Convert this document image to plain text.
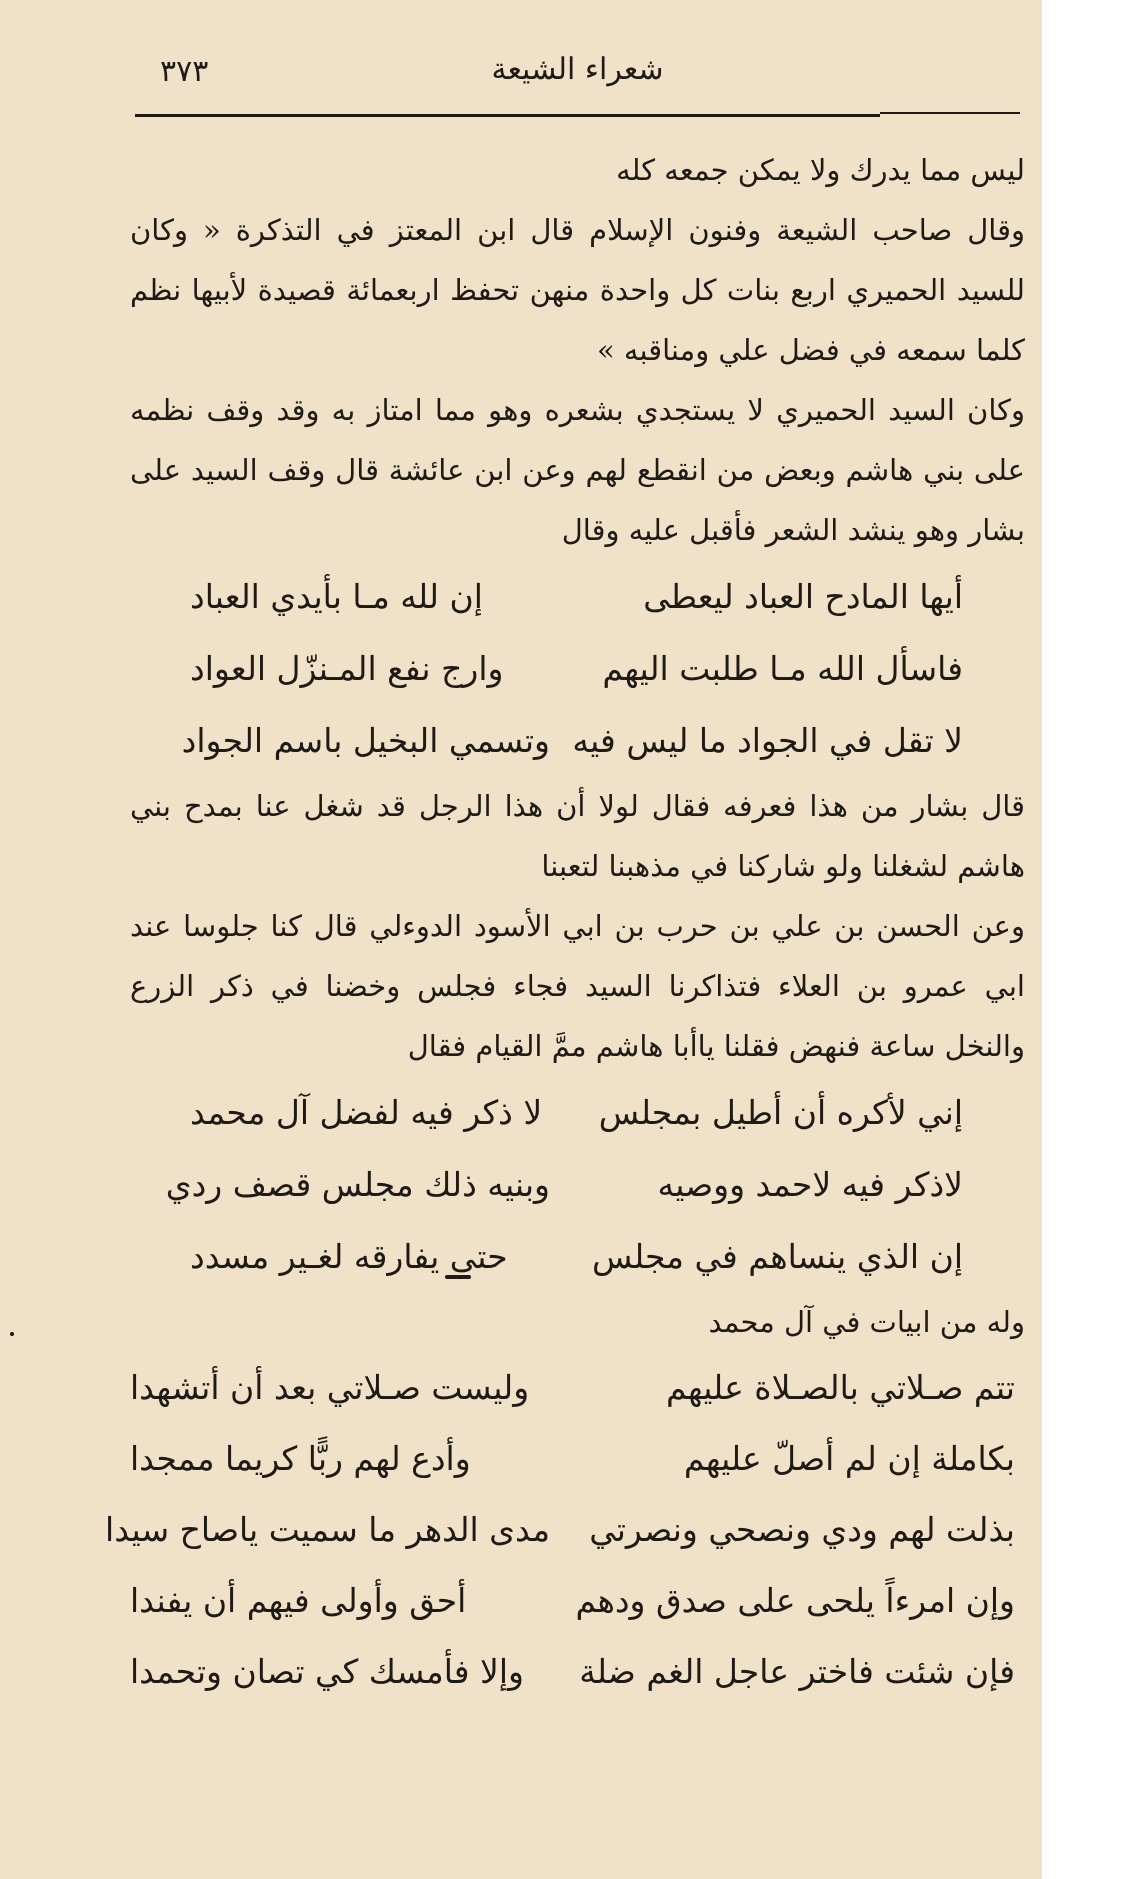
٣٧٣	شعراء الشيعة

ليس مما يدرك ولا يمكن جمعه كله

وقال صاحب الشيعة وفنون الإسلام قال ابن المعتز في التذكرة « وكان للسيد الحميري اربع بنات كل واحدة منهن تحفظ اربعمائة قصيدة لأبيها نظم كلما سمعه في فضل علي ومناقبه »

وكان السيد الحميري لا يستجدي بشعره وهو مما امتاز به وقد وقف نظمه على بني هاشم وبعض من انقطع لهم وعن ابن عائشة قال وقف السيد على بشار وهو ينشد الشعر فأقبل عليه وقال

أيها المادح العباد ليعطى
إن لله مـا بأيدي العباد
فاسأل الله مـا طلبت اليهم
وارج نفع المـنزّل العواد
لا تقل في الجواد ما ليس فيه
وتسمي البخيل باسم الجواد

قال بشار من هذا فعرفه فقال لولا أن هذا الرجل قد شغل عنا بمدح بني هاشم لشغلنا ولو شاركنا في مذهبنا لتعبنا

وعن الحسن بن علي بن حرب بن ابي الأسود الدوءلي قال كنا جلوسا عند ابي عمرو بن العلاء فتذاكرنا السيد فجاء فجلس وخضنا في ذكر الزرع والنخل ساعة فنهض فقلنا ياأبا هاشم ممَّ القيام فقال

إني لأكره أن أطيل بمجلس
لا ذكر فيه لفضل آل محمد
لاذكر فيه لاحمد ووصيه
وبنيه ذلك مجلس قصف ردي
إن الذي ينساهم في مجلس
حتى يفارقه لغـير مسدد

وله من ابيات في آل محمد

تتم صـلاتي بالصـلاة عليهم
وليست صـلاتي بعد أن أتشهدا
بكاملة إن لم أصلّ عليهم
وأدع لهم ربًّا كريما ممجدا
بذلت لهم ودي ونصحي ونصرتي
مدى الدهر ما سميت ياصاح سيدا
وإن امرءاً يلحى على صدق ودهم
أحق وأولى فيهم أن يفندا
فإن شئت فاختر عاجل الغم ضلة
وإلا فأمسك كي تصان وتحمدا
